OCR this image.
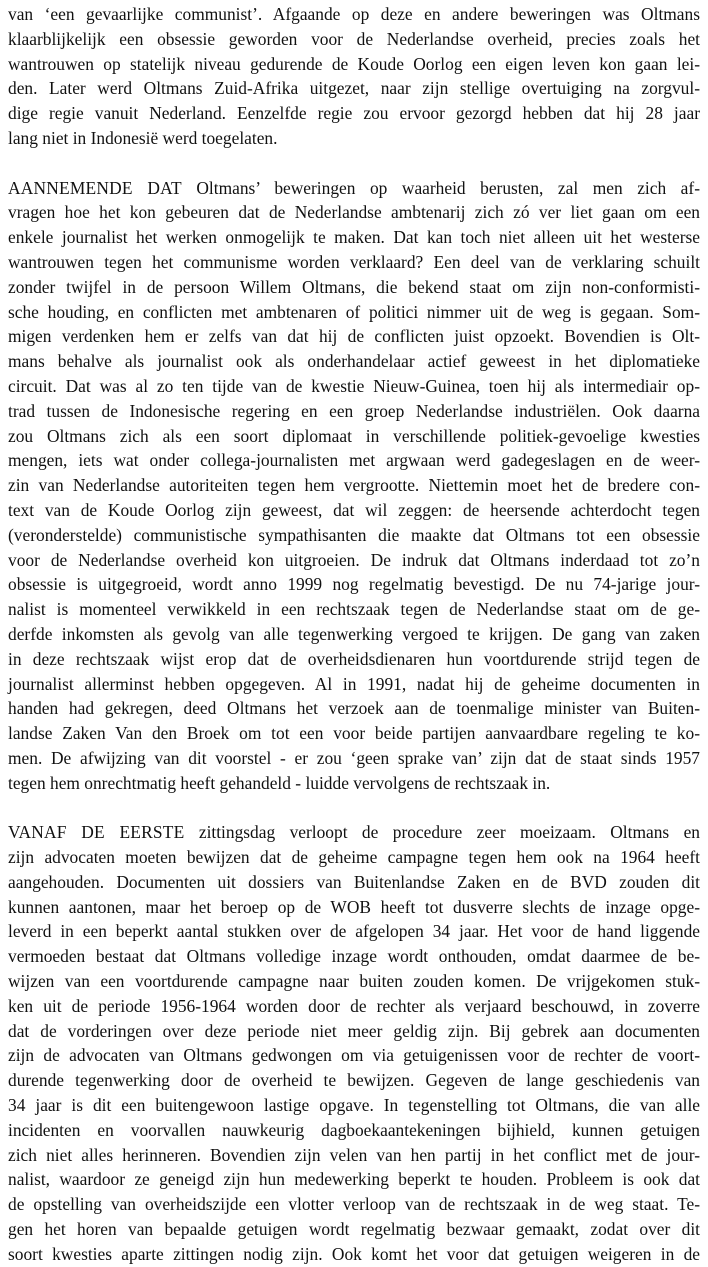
van ‘een gevaarlijke communist’. Afgaande op deze en andere beweringen was Oltmans
klaarblijkelijk een obsessie geworden voor de Nederlandse overheid, precies zoals het
wantrouwen op statelijk niveau gedurende de Koude Oorlog een eigen leven kon gaan lei-
den. Later werd Oltmans Zuid-Afrika uitgezet, naar zijn stellige overtuiging na zorgvul-
dige regie vanuit Nederland. Eenzelfde regie zou ervoor gezorgd hebben dat hij 28 jaar
lang niet in Indonesië werd toegelaten.
AANNEMENDE DAT Oltmans’ beweringen op waarheid berusten, zal men zich af-
vragen hoe het kon gebeuren dat de Nederlandse ambtenarij zich zó ver liet gaan om een
enkele journalist het werken onmogelijk te maken. Dat kan toch niet alleen uit het westerse
wantrouwen tegen het communisme worden verklaard? Een deel van de verklaring schuilt
zonder twijfel in de persoon Willem Oltmans, die bekend staat om zijn non-conformisti-
sche houding, en conflicten met ambtenaren of politici nimmer uit de weg is gegaan. Som-
migen verdenken hem er zelfs van dat hij de conflicten juist opzoekt. Bovendien is Olt-
mans behalve als journalist ook als onderhandelaar actief geweest in het diplomatieke
circuit. Dat was al zo ten tijde van de kwestie Nieuw-Guinea, toen hij als intermediair op-
trad tussen de Indonesische regering en een groep Nederlandse industriëlen. Ook daarna
zou Oltmans zich als een soort diplomaat in verschillende politiek-gevoelige kwesties
mengen, iets wat onder collega-journalisten met argwaan werd gadegeslagen en de weer-
zin van Nederlandse autoriteiten tegen hem vergrootte. Niettemin moet het de bredere con-
text van de Koude Oorlog zijn geweest, dat wil zeggen: de heersende achterdocht tegen
(veronderstelde) communistische sympathisanten die maakte dat Oltmans tot een obsessie
voor de Nederlandse overheid kon uitgroeien. De indruk dat Oltmans inderdaad tot zo’n
obsessie is uitgegroeid, wordt anno 1999 nog regelmatig bevestigd. De nu 74-jarige jour-
nalist is momenteel verwikkeld in een rechtszaak tegen de Nederlandse staat om de ge-
derfde inkomsten als gevolg van alle tegenwerking vergoed te krijgen. De gang van zaken
in deze rechtszaak wijst erop dat de overheidsdienaren hun voortdurende strijd tegen de
journalist allerminst hebben opgegeven. Al in 1991, nadat hij de geheime documenten in
handen had gekregen, deed Oltmans het verzoek aan de toenmalige minister van Buiten-
landse Zaken Van den Broek om tot een voor beide partijen aanvaardbare regeling te ko-
men. De afwijzing van dit voorstel - er zou ‘geen sprake van’ zijn dat de staat sinds 1957
tegen hem onrechtmatig heeft gehandeld - luidde vervolgens de rechtszaak in.
VANAF DE EERSTE zittingsdag verloopt de procedure zeer moeizaam. Oltmans en
zijn advocaten moeten bewijzen dat de geheime campagne tegen hem ook na 1964 heeft
aangehouden. Documenten uit dossiers van Buitenlandse Zaken en de BVD zouden dit
kunnen aantonen, maar het beroep op de WOB heeft tot dusverre slechts de inzage opge-
leverd in een beperkt aantal stukken over de afgelopen 34 jaar. Het voor de hand liggende
vermoeden bestaat dat Oltmans volledige inzage wordt onthouden, omdat daarmee de be-
wijzen van een voortdurende campagne naar buiten zouden komen. De vrijgekomen stuk-
ken uit de periode 1956-1964 worden door de rechter als verjaard beschouwd, in zoverre
dat de vorderingen over deze periode niet meer geldig zijn. Bij gebrek aan documenten
zijn de advocaten van Oltmans gedwongen om via getuigenissen voor de rechter de voort-
durende tegenwerking door de overheid te bewijzen. Gegeven de lange geschiedenis van
34 jaar is dit een buitengewoon lastige opgave. In tegenstelling tot Oltmans, die van alle
incidenten en voorvallen nauwkeurig dagboekaantekeningen bijhield, kunnen getuigen
zich niet alles herinneren. Bovendien zijn velen van hen partij in het conflict met de jour-
nalist, waardoor ze geneigd zijn hun medewerking beperkt te houden. Probleem is ook dat
de opstelling van overheidszijde een vlotter verloop van de rechtszaak in de weg staat. Te-
gen het horen van bepaalde getuigen wordt regelmatig bezwaar gemaakt, zodat over dit
soort kwesties aparte zittingen nodig zijn. Ook komt het voor dat getuigen weigeren in de
